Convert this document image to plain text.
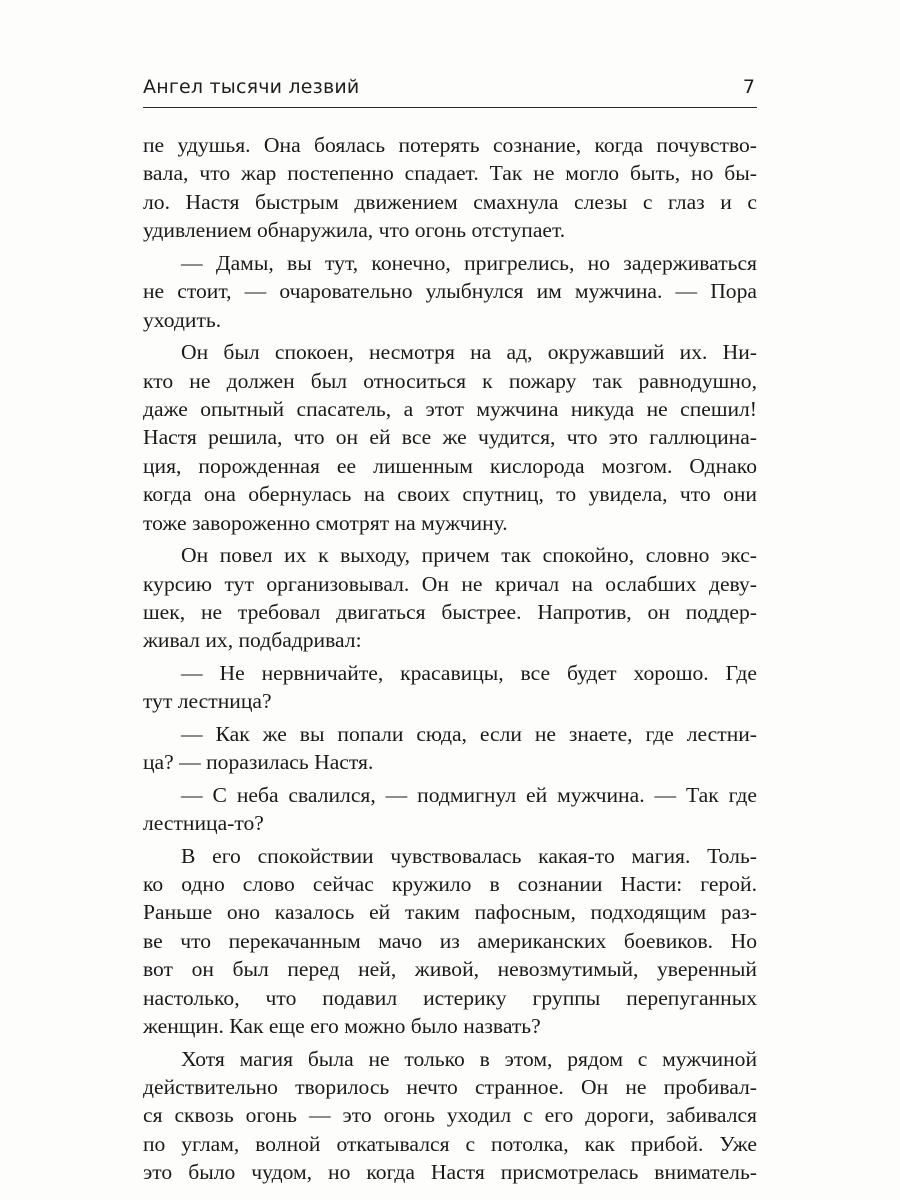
Ангел тысячи лезвий	7
пе удушья. Она боялась потерять сознание, когда почувство-
вала, что жар постепенно спадает. Так не могло быть, но бы-
ло. Настя быстрым движением смахнула слезы с глаз и с
удивлением обнаружила, что огонь отступает.
— Дамы, вы тут, конечно, пригрелись, но задерживаться
не стоит, — очаровательно улыбнулся им мужчина. — Пора
уходить.
Он был спокоен, несмотря на ад, окружавший их. Ни-
кто не должен был относиться к пожару так равнодушно,
даже опытный спасатель, а этот мужчина никуда не спешил!
Настя решила, что он ей все же чудится, что это галлюцина-
ция, порожденная ее лишенным кислорода мозгом. Однако
когда она обернулась на своих спутниц, то увидела, что они
тоже завороженно смотрят на мужчину.
Он повел их к выходу, причем так спокойно, словно экс-
курсию тут организовывал. Он не кричал на ослабших деву-
шек, не требовал двигаться быстрее. Напротив, он поддер-
живал их, подбадривал:
— Не нервничайте, красавицы, все будет хорошо. Где
тут лестница?
— Как же вы попали сюда, если не знаете, где лестни-
ца? — поразилась Настя.
— С неба свалился, — подмигнул ей мужчина. — Так где
лестница-то?
В его спокойствии чувствовалась какая-то магия. Толь-
ко одно слово сейчас кружило в сознании Насти: герой.
Раньше оно казалось ей таким пафосным, подходящим раз-
ве что перекачанным мачо из американских боевиков. Но
вот он был перед ней, живой, невозмутимый, уверенный
настолько, что подавил истерику группы перепуганных
женщин. Как еще его можно было назвать?
Хотя магия была не только в этом, рядом с мужчиной
действительно творилось нечто странное. Он не пробивал-
ся сквозь огонь — это огонь уходил с его дороги, забивался
по углам, волной откатывался с потолка, как прибой. Уже
это было чудом, но когда Настя присмотрелась вниматель-
